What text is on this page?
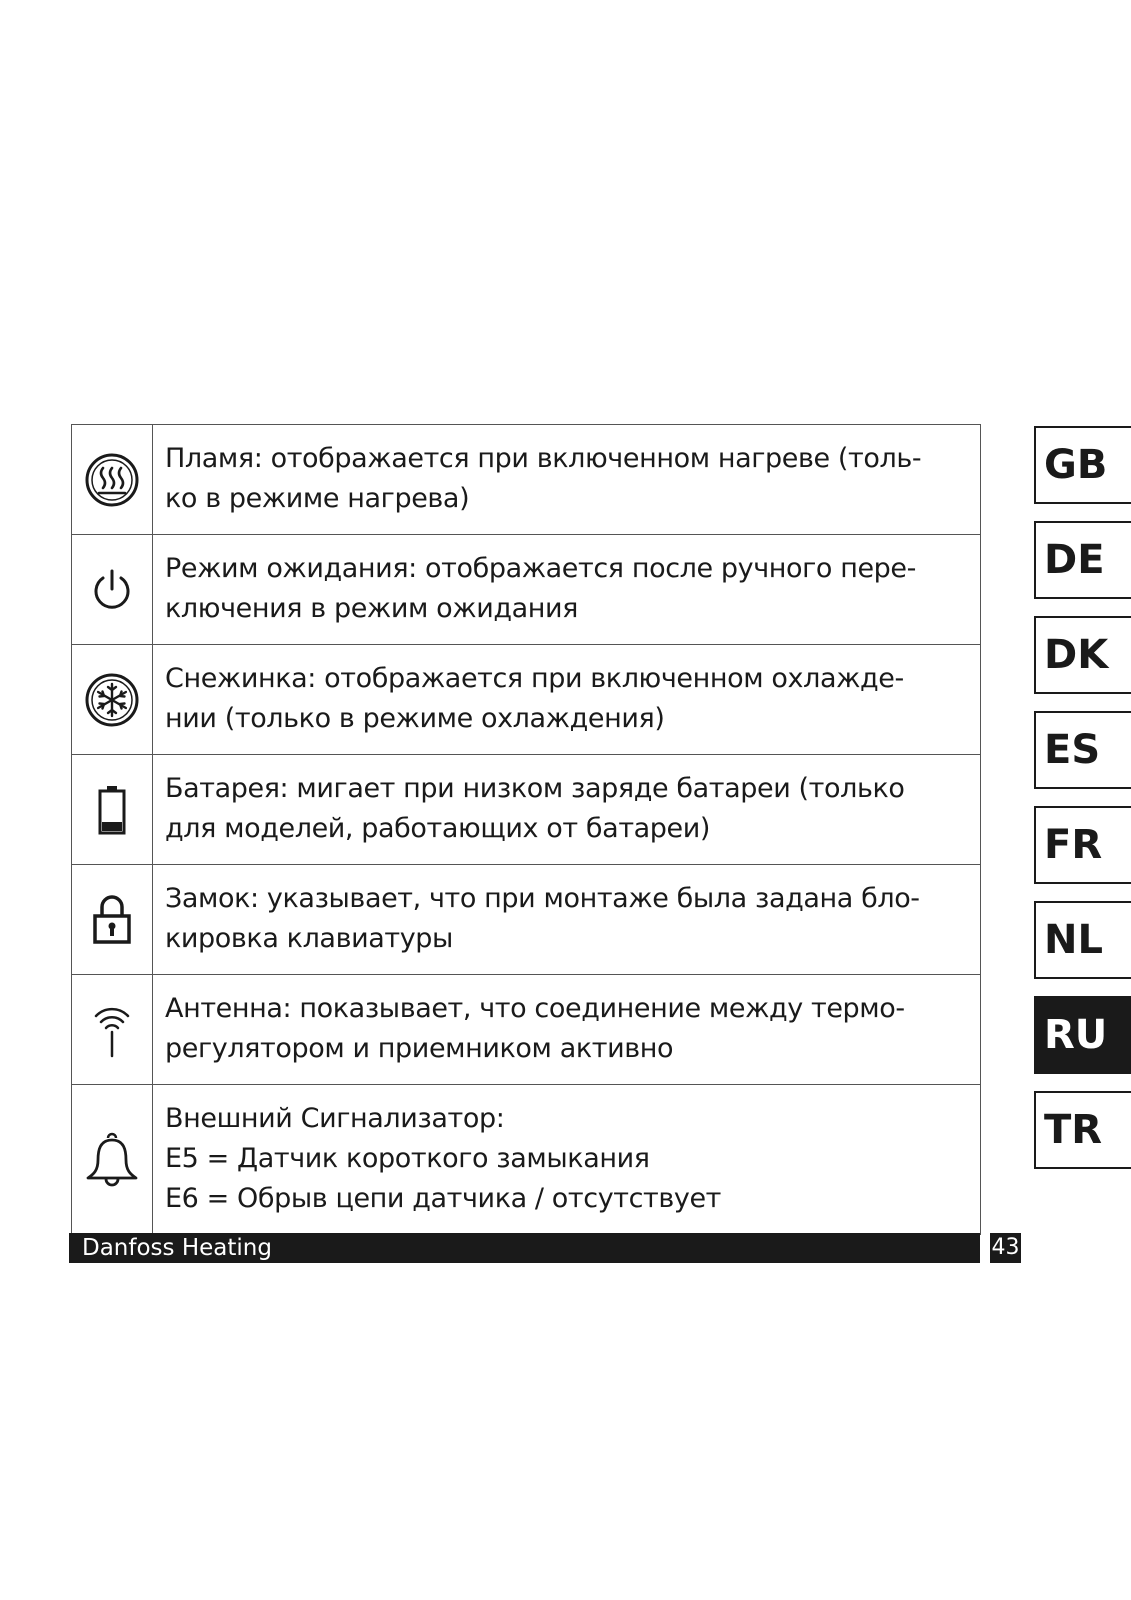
Пламя: отображается при включенном нагреве (толь-
ко в режиме нагрева)

Режим ожидания: отображается после ручного пере-
ключения в режим ожидания

Снежинка: отображается при включенном охлажде-
нии (только в режиме охлаждения)

Батарея: мигает при низком заряде батареи (только
для моделей, работающих от батареи)

Замок: указывает, что при монтаже была задана бло-
кировка клавиатуры

Антенна: показывает, что соединение между термо-
регулятором и приемником активно

Внешний Сигнализатор:
E5 = Датчик короткого замыкания
E6 = Обрыв цепи датчика / отсутствует
GB
DE
DK
ES
FR
NL
RU
TR
Danfoss Heating	43
